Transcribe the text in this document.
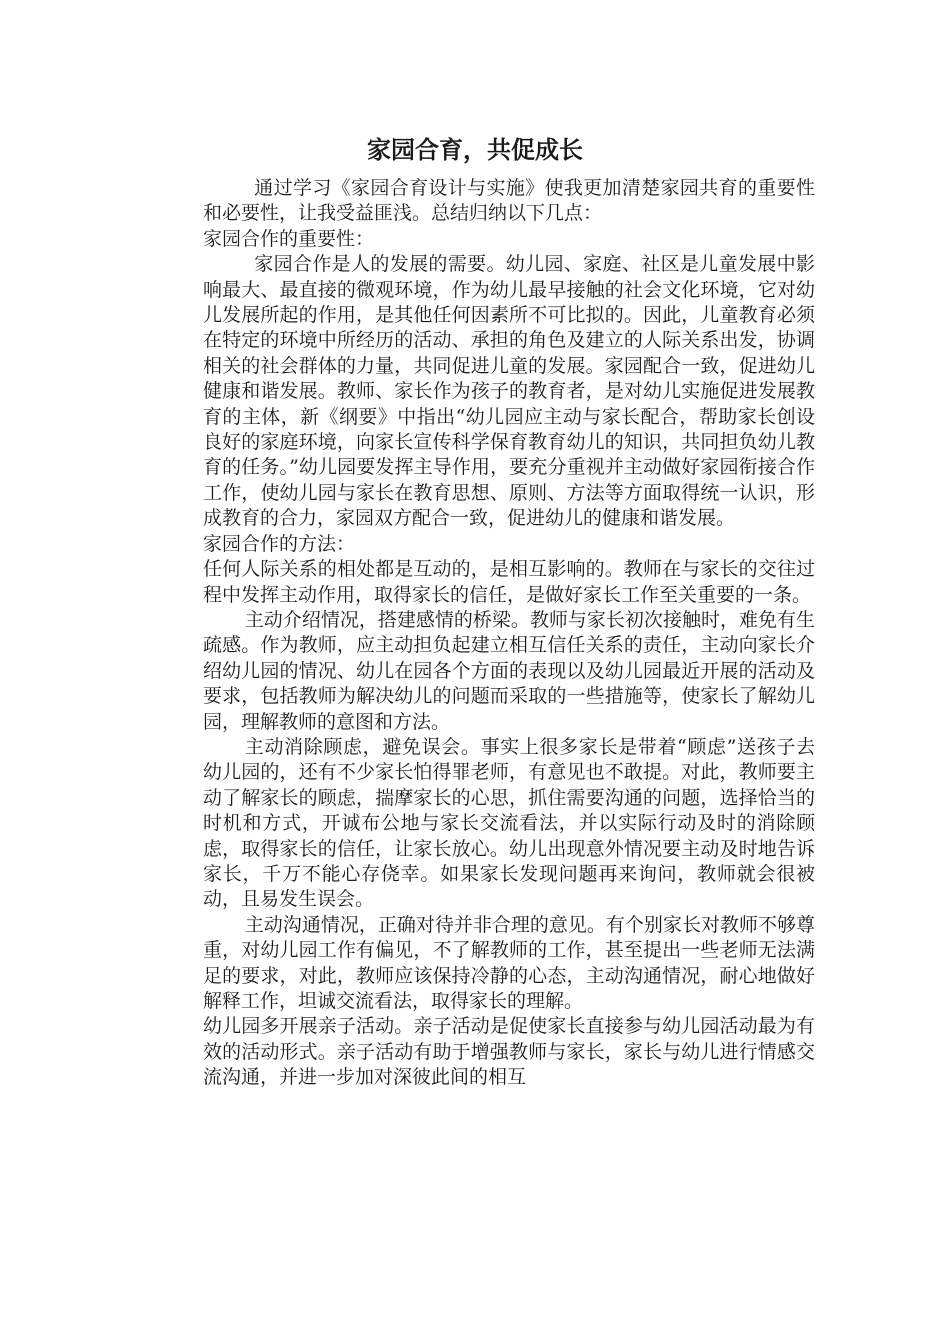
家园合育，共促成长

通过学习《家园合育设计与实施》使我更加清楚家园共育的重要性和必要性，让我受益匪浅。总结归纳以下几点：

家园合作的重要性：

家园合作是人的发展的需要。幼儿园、家庭、社区是儿童发展中影响最大、最直接的微观环境，作为幼儿最早接触的社会文化环境，它对幼儿发展所起的作用，是其他任何因素所不可比拟的。因此，儿童教育必须在特定的环境中所经历的活动、承担的角色及建立的人际关系出发，协调相关的社会群体的力量，共同促进儿童的发展。家园配合一致，促进幼儿健康和谐发展。教师、家长作为孩子的教育者，是对幼儿实施促进发展教育的主体，新《纲要》中指出“幼儿园应主动与家长配合，帮助家长创设良好的家庭环境，向家长宣传科学保育教育幼儿的知识，共同担负幼儿教育的任务。”幼儿园要发挥主导作用，要充分重视并主动做好家园衔接合作工作，使幼儿园与家长在教育思想、原则、方法等方面取得统一认识，形成教育的合力，家园双方配合一致，促进幼儿的健康和谐发展。

家园合作的方法：

任何人际关系的相处都是互动的，是相互影响的。教师在与家长的交往过程中发挥主动作用，取得家长的信任，是做好家长工作至关重要的一条。

主动介绍情况，搭建感情的桥梁。教师与家长初次接触时，难免有生疏感。作为教师，应主动担负起建立相互信任关系的责任，主动向家长介绍幼儿园的情况、幼儿在园各个方面的表现以及幼儿园最近开展的活动及要求，包括教师为解决幼儿的问题而采取的一些措施等，使家长了解幼儿园，理解教师的意图和方法。

主动消除顾虑，避免误会。事实上很多家长是带着“顾虑”送孩子去幼儿园的，还有不少家长怕得罪老师，有意见也不敢提。对此，教师要主动了解家长的顾虑，揣摩家长的心思，抓住需要沟通的问题，选择恰当的时机和方式，开诚布公地与家长交流看法，并以实际行动及时的消除顾虑，取得家长的信任，让家长放心。幼儿出现意外情况要主动及时地告诉家长，千万不能心存侥幸。如果家长发现问题再来询问，教师就会很被动，且易发生误会。

主动沟通情况，正确对待并非合理的意见。有个别家长对教师不够尊重，对幼儿园工作有偏见，不了解教师的工作，甚至提出一些老师无法满足的要求，对此，教师应该保持冷静的心态，主动沟通情况，耐心地做好解释工作，坦诚交流看法，取得家长的理解。

幼儿园多开展亲子活动。亲子活动是促使家长直接参与幼儿园活动最为有效的活动形式。亲子活动有助于增强教师与家长，家长与幼儿进行情感交流沟通，并进一步加对深彼此间的相互
